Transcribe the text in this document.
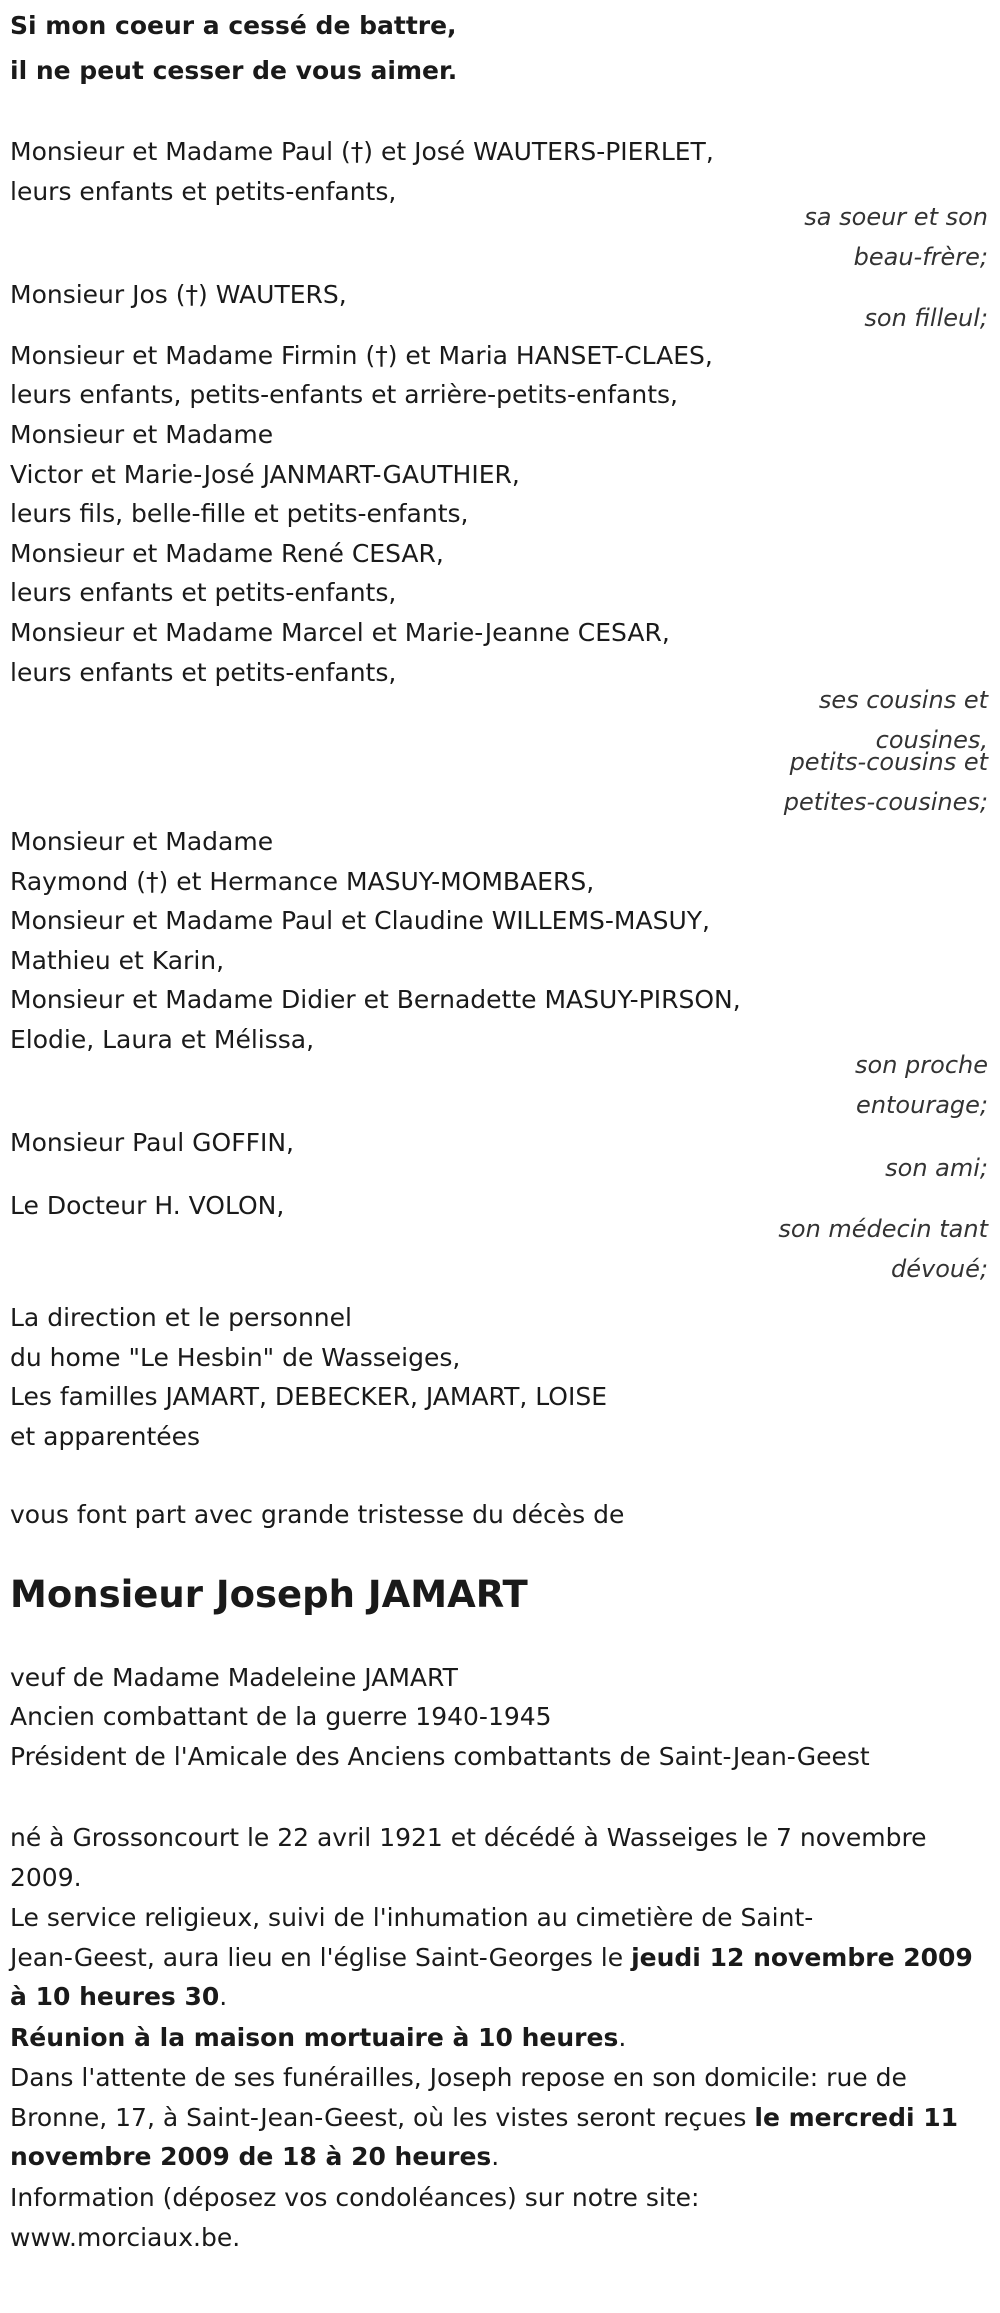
Si mon coeur a cessé de battre,
il ne peut cesser de vous aimer.
Monsieur et Madame Paul (†) et José WAUTERS-PIERLET,
leurs enfants et petits-enfants,
sa soeur et son
beau-frère;
Monsieur Jos (†) WAUTERS,
son filleul;
Monsieur et Madame Firmin (†) et Maria HANSET-CLAES,
leurs enfants, petits-enfants et arrière-petits-enfants,
Monsieur et Madame
Victor et Marie-José JANMART-GAUTHIER,
leurs fils, belle-fille et petits-enfants,
Monsieur et Madame René CESAR,
leurs enfants et petits-enfants,
Monsieur et Madame Marcel et Marie-Jeanne CESAR,
leurs enfants et petits-enfants,
ses cousins et
cousines,
petits-cousins et
petites-cousines;
Monsieur et Madame
Raymond (†) et Hermance MASUY-MOMBAERS,
Monsieur et Madame Paul et Claudine WILLEMS-MASUY,
Mathieu et Karin,
Monsieur et Madame Didier et Bernadette MASUY-PIRSON,
Elodie, Laura et Mélissa,
son proche
entourage;
Monsieur Paul GOFFIN,
son ami;
Le Docteur H. VOLON,
son médecin tant
dévoué;
La direction et le personnel
du home "Le Hesbin" de Wasseiges,
Les familles JAMART, DEBECKER, JAMART, LOISE
et apparentées
vous font part avec grande tristesse du décès de
Monsieur Joseph JAMART
veuf de Madame Madeleine JAMART
Ancien combattant de la guerre 1940-1945
Président de l'Amicale des Anciens combattants de Saint-Jean-Geest
né à Grossoncourt le 22 avril 1921 et décédé à Wasseiges le 7 novembre
2009.
Le service religieux, suivi de l'inhumation au cimetière de Saint-
Jean-Geest, aura lieu en l'église Saint-Georges le jeudi 12 novembre 2009
à 10 heures 30.
Réunion à la maison mortuaire à 10 heures.
Dans l'attente de ses funérailles, Joseph repose en son domicile: rue de
Bronne, 17, à Saint-Jean-Geest, où les vistes seront reçues le mercredi 11
novembre 2009 de 18 à 20 heures.
Information (déposez vos condoléances) sur notre site:
www.morciaux.be.
